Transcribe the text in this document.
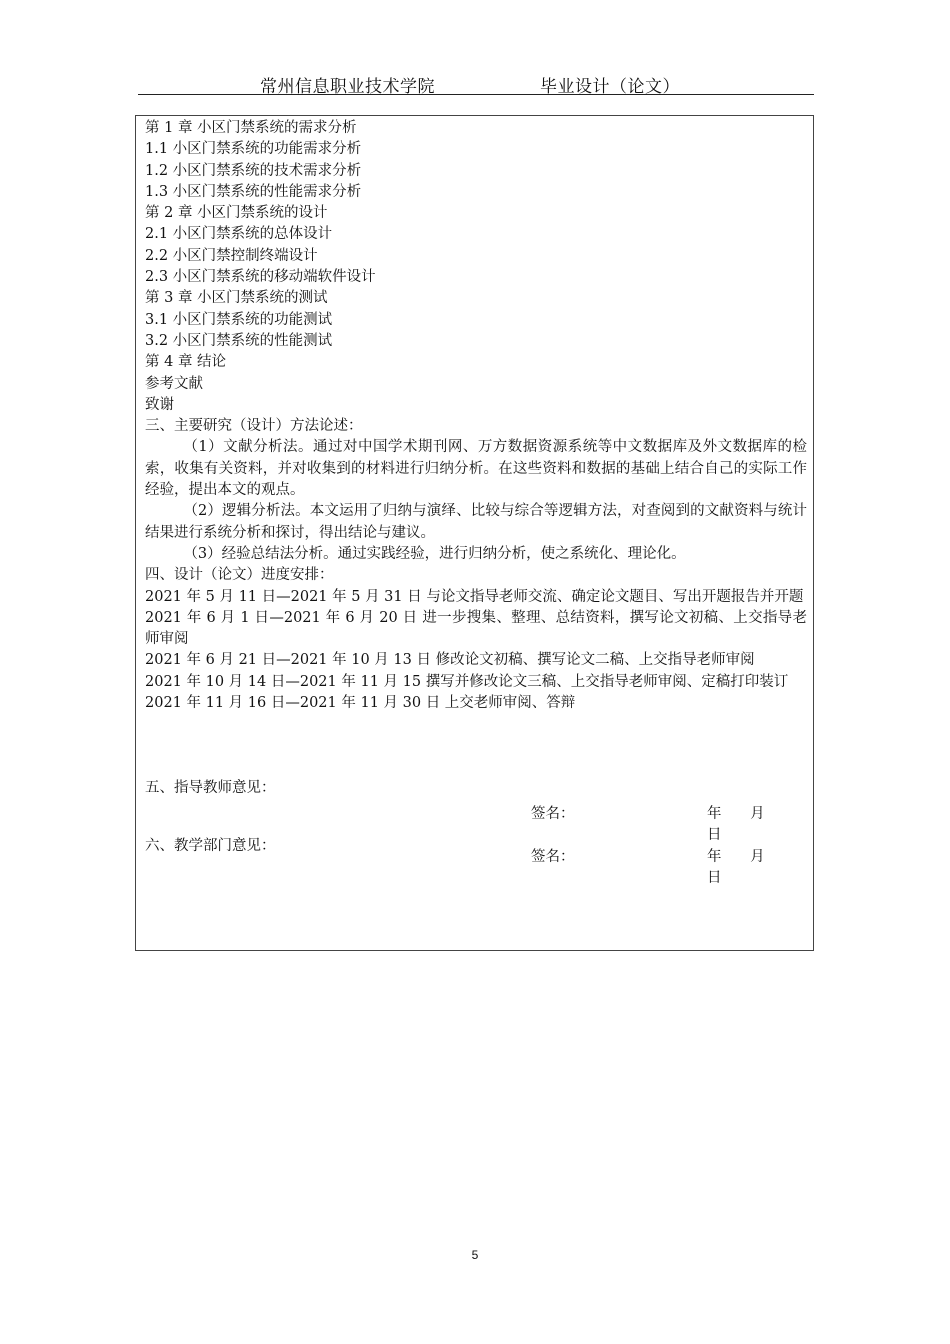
常州信息职业技术学院	毕业设计（论文）
第 1 章 小区门禁系统的需求分析
1.1 小区门禁系统的功能需求分析
1.2 小区门禁系统的技术需求分析
1.3 小区门禁系统的性能需求分析
第 2 章 小区门禁系统的设计
2.1 小区门禁系统的总体设计
2.2 小区门禁控制终端设计
2.3 小区门禁系统的移动端软件设计
第 3 章 小区门禁系统的测试
3.1 小区门禁系统的功能测试
3.2 小区门禁系统的性能测试
第 4 章 结论
参考文献
致谢
三、主要研究（设计）方法论述：
（1）文献分析法。通过对中国学术期刊网、万方数据资源系统等中文数据库及外文数据库的检索，收集有关资料，并对收集到的材料进行归纳分析。在这些资料和数据的基础上结合自己的实际工作经验，提出本文的观点。
（2）逻辑分析法。本文运用了归纳与演绎、比较与综合等逻辑方法，对查阅到的文献资料与统计结果进行系统分析和探讨，得出结论与建议。
（3）经验总结法分析。通过实践经验，进行归纳分析，使之系统化、理论化。
四、设计（论文）进度安排：
2021 年 5 月 11 日—2021 年 5 月 31 日 与论文指导老师交流、确定论文题目、写出开题报告并开题
2021 年 6 月 1 日—2021 年 6 月 20 日 进一步搜集、整理、总结资料，撰写论文初稿、上交指导老师审阅
2021 年 6 月 21 日—2021 年 10 月 13 日 修改论文初稿、撰写论文二稿、上交指导老师审阅
2021 年 10 月 14 日—2021 年 11 月 15 撰写并修改论文三稿、上交指导老师审阅、定稿打印装订
2021 年 11 月 16 日—2021 年 11 月 30 日 上交老师审阅、答辩
五、指导教师意见：
签名：	年 月 日
六、教学部门意见：
签名：	年 月 日
5
